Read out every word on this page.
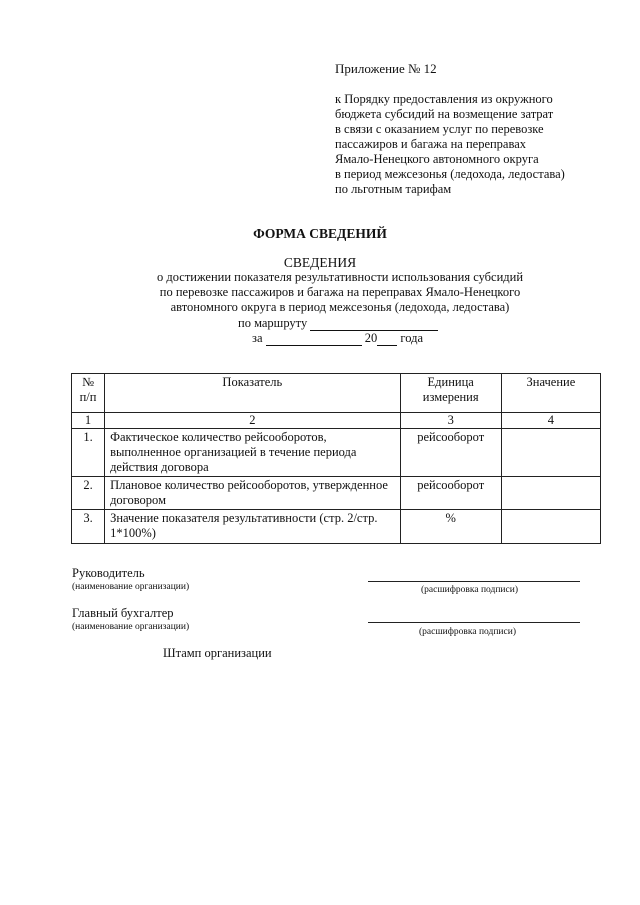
Приложение № 12
к Порядку предоставления из окружного
бюджета субсидий на возмещение затрат
в связи с оказанием услуг по перевозке
пассажиров и багажа на переправах
Ямало-Ненецкого автономного округа
в период межсезонья (ледохода, ледостава)
по льготным тарифам
ФОРМА СВЕДЕНИЙ
СВЕДЕНИЯ
о достижении показателя результативности использования субсидий
по перевозке пассажиров и багажа на переправах Ямало-Ненецкого
автономного округа в период межсезонья (ледохода, ледостава)
по маршруту
за	20 года
№ п/п	Показатель	Единица измерения	Значение
1	2	3	4
1.	Фактическое количество рейсооборотов, выполненное организацией в течение периода действия договора	рейсооборот	
2.	Плановое количество рейсооборотов, утвержденное договором	рейсооборот	
3.	Значение показателя результативности (стр. 2/стр. 1*100%)	%	
Руководитель
(наименование организации)	(расшифровка подписи)
Главный бухгалтер
(наименование организации)	(расшифровка подписи)
Штамп организации
